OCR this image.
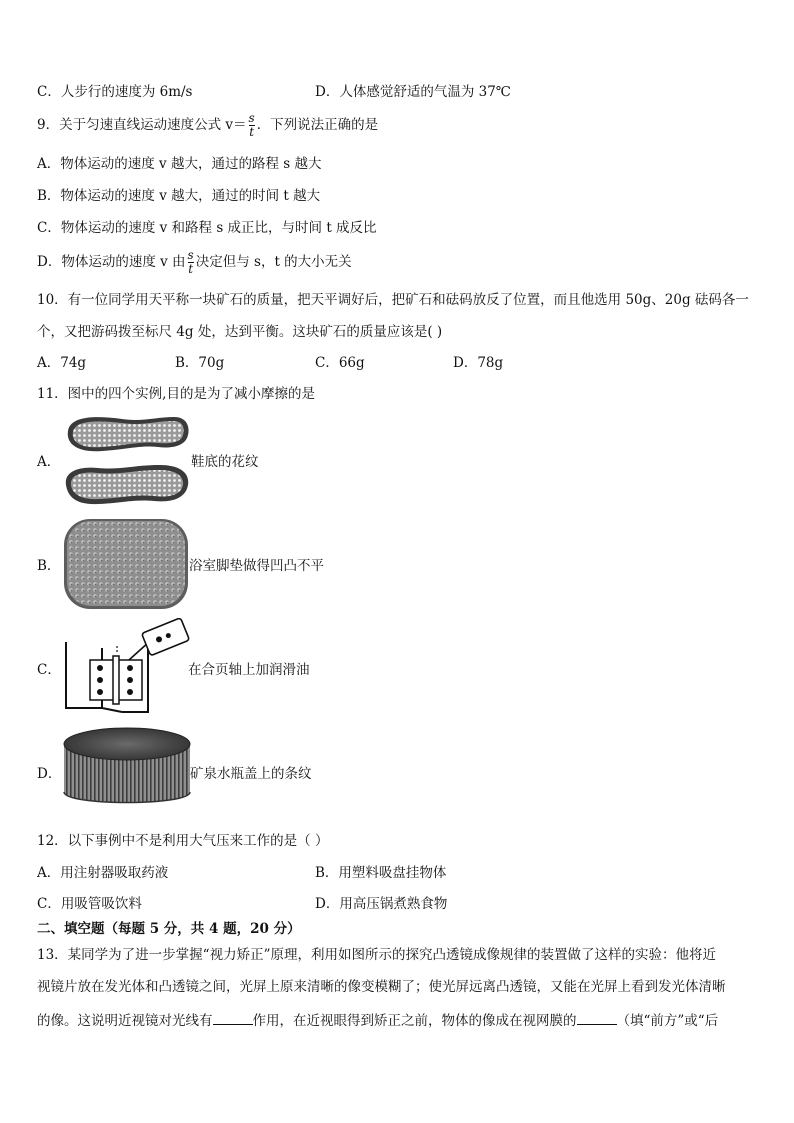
C．人步行的速度为 6m/s	D．人体感觉舒适的气温为 37℃
9．关于匀速直线运动速度公式 $v= \frac{s}{t}$ ．下列说法正确的是
A．物体运动的速度 v 越大，通过的路程 s 越大
B．物体运动的速度 v 越大，通过的时间 t 越大
C．物体运动的速度 v 和路程 s 成正比，与时间 t 成反比
D．物体运动的速度 v 由 $\frac{s}{t}$ 决定但与 s，t 的大小无关
10．有一位同学用天平称一块矿石的质量，把天平调好后，把矿石和砝码放反了位置，而且他选用 50g、20g 砝码各一
个，又把游码拨至标尺 4g 处，达到平衡。这块矿石的质量应该是( )
A．74g	B．70g	C．66g	D．78g
11．图中的四个实例,目的是为了减小摩擦的是
A．	鞋底的花纹
B．	浴室脚垫做得凹凸不平
C．	在合页轴上加润滑油
D．	矿泉水瓶盖上的条纹
12．以下事例中不是利用大气压来工作的是（ ）
A．用注射器吸取药液	B．用塑料吸盘挂物体
C．用吸管吸饮料	D．用高压锅煮熟食物
二、填空题（每题 5 分，共 4 题，20 分）
13．某同学为了进一步掌握“视力矫正”原理，利用如图所示的探究凸透镜成像规律的装置做了这样的实验：他将近
视镜片放在发光体和凸透镜之间，光屏上原来清晰的像变模糊了；使光屏远离凸透镜，又能在光屏上看到发光体清晰
的像。这说明近视镜对光线有	作用，在近视眼得到矫正之前，物体的像成在视网膜的	（填“前方”或“后
